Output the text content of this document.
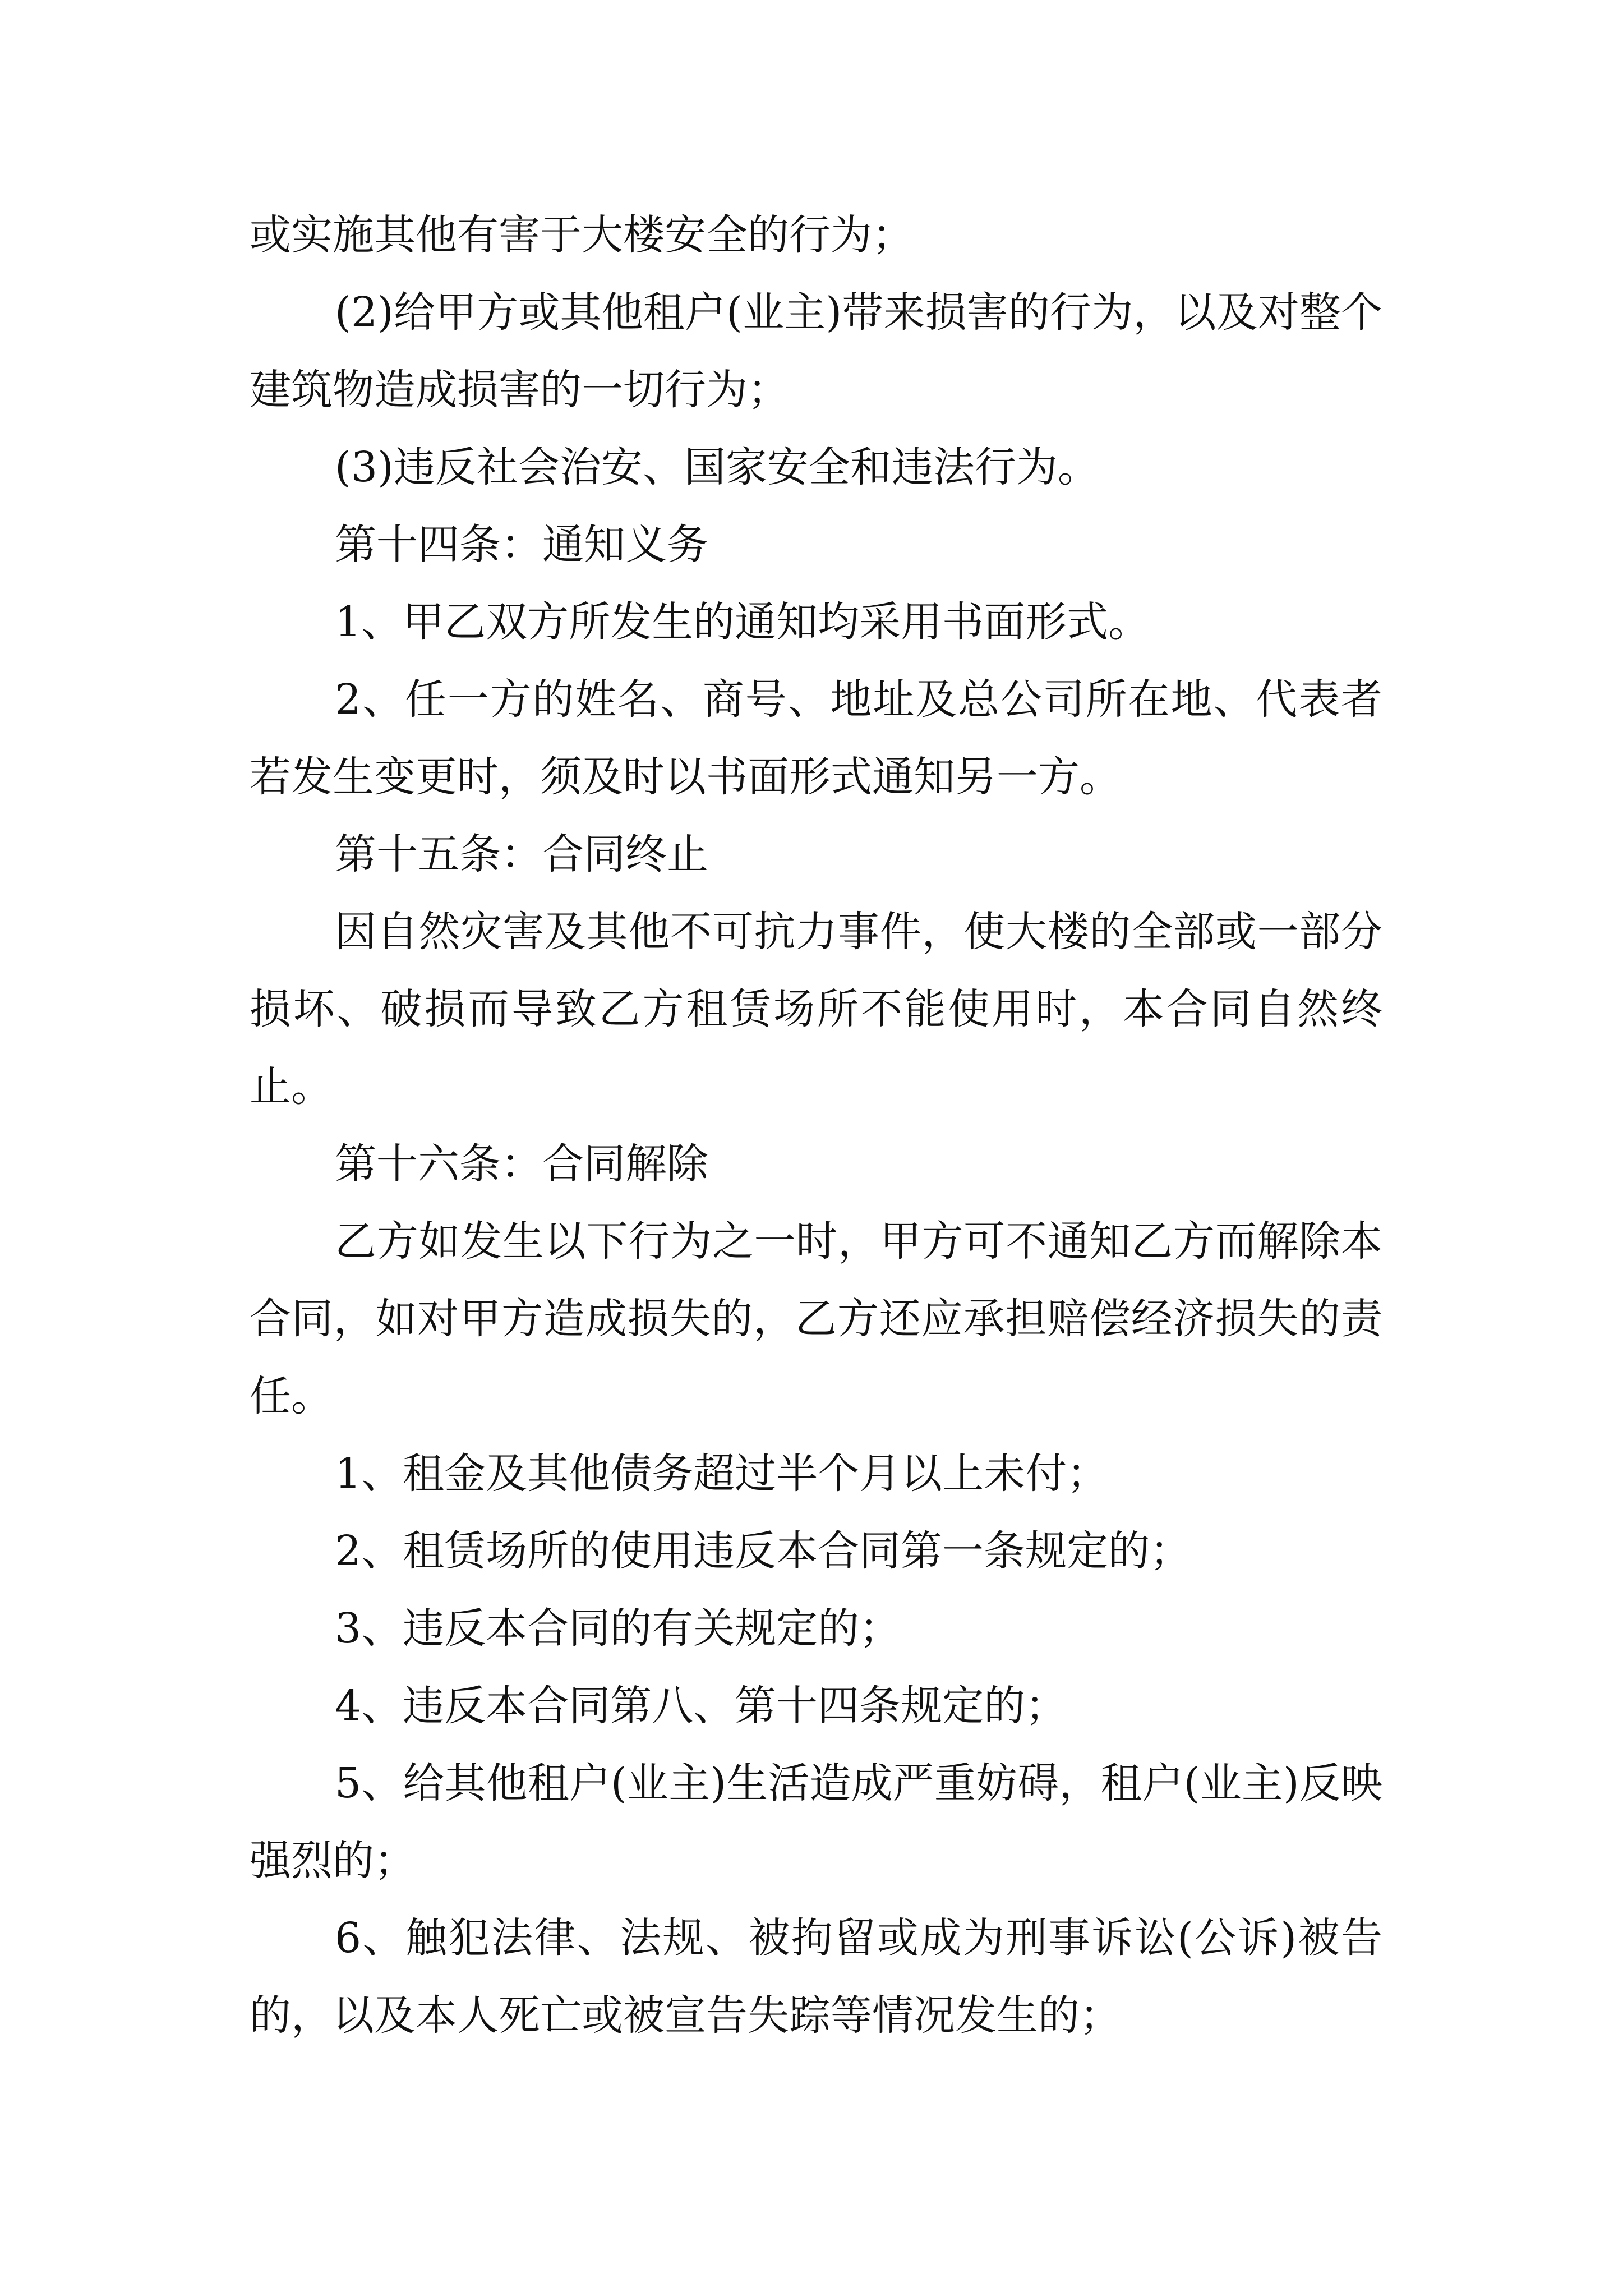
或实施其他有害于大楼安全的行为；

(2)给甲方或其他租户(业主)带来损害的行为，以及对整个建筑物造成损害的一切行为；

(3)违反社会治安、国家安全和违法行为。

第十四条：通知义务

1、甲乙双方所发生的通知均采用书面形式。

2、任一方的姓名、商号、地址及总公司所在地、代表者若发生变更时，须及时以书面形式通知另一方。

第十五条：合同终止

因自然灾害及其他不可抗力事件，使大楼的全部或一部分损坏、破损而导致乙方租赁场所不能使用时，本合同自然终止。

第十六条：合同解除

乙方如发生以下行为之一时，甲方可不通知乙方而解除本合同，如对甲方造成损失的，乙方还应承担赔偿经济损失的责任。

1、租金及其他债务超过半个月以上未付；

2、租赁场所的使用违反本合同第一条规定的；

3、违反本合同的有关规定的；

4、违反本合同第八、第十四条规定的；

5、给其他租户(业主)生活造成严重妨碍，租户(业主)反映强烈的；

6、触犯法律、法规、被拘留或成为刑事诉讼(公诉)被告的，以及本人死亡或被宣告失踪等情况发生的；
